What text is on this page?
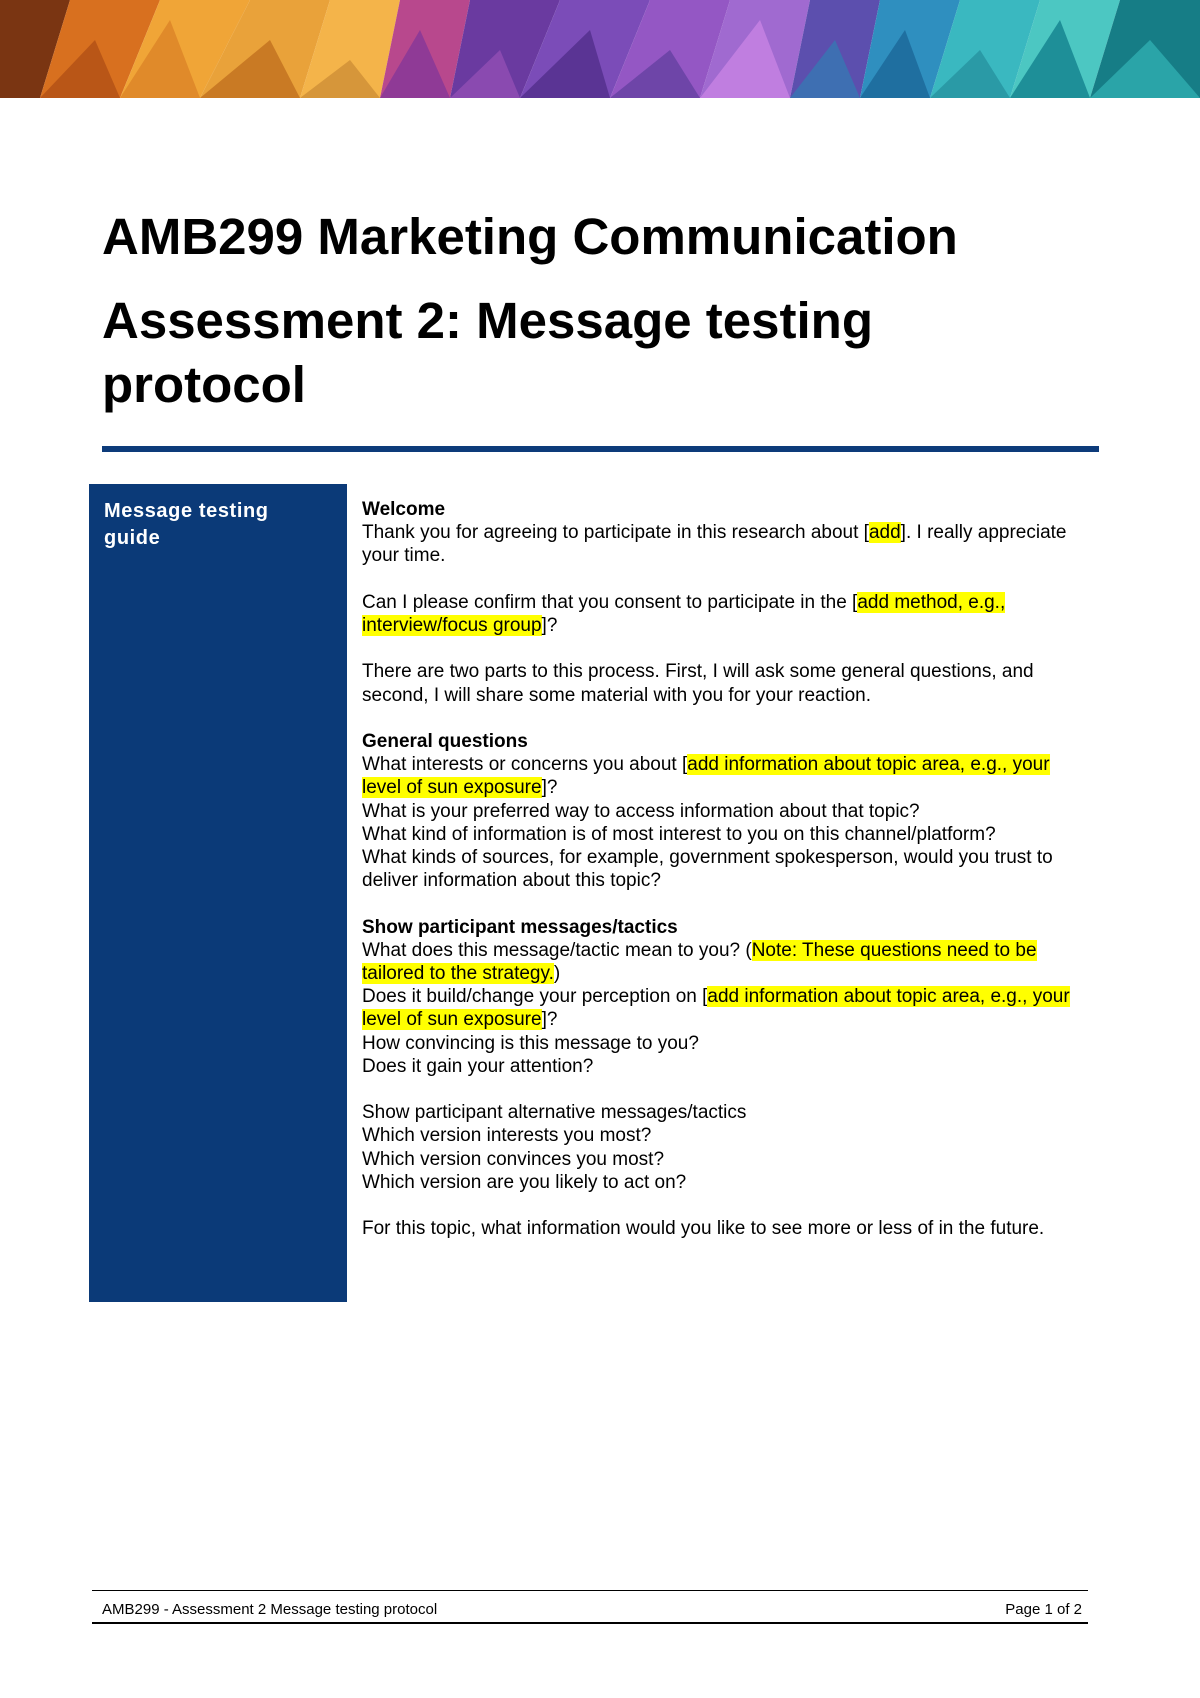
AMB299 Marketing Communication
Assessment 2: Message testing
protocol
Message testing guide

Welcome

Thank you for agreeing to participate in this research about [add]. I really appreciate your time.

Can I please confirm that you consent to participate in the [add method, e.g., interview/focus group]?

There are two parts to this process. First, I will ask some general questions, and second, I will share some material with you for your reaction.

General questions

What interests or concerns you about [add information about topic area, e.g., your level of sun exposure]?

What is your preferred way to access information about that topic?

What kind of information is of most interest to you on this channel/platform?

What kinds of sources, for example, government spokesperson, would you trust to deliver information about this topic?

Show participant messages/tactics

What does this message/tactic mean to you? (Note: These questions need to be tailored to the strategy.)

Does it build/change your perception on [add information about topic area, e.g., your level of sun exposure]?

How convincing is this message to you?

Does it gain your attention?

Show participant alternative messages/tactics

Which version interests you most?

Which version convinces you most?

Which version are you likely to act on?

For this topic, what information would you like to see more or less of in the future.

AMB299 - Assessment 2 Message testing protocol	Page 1 of 2
